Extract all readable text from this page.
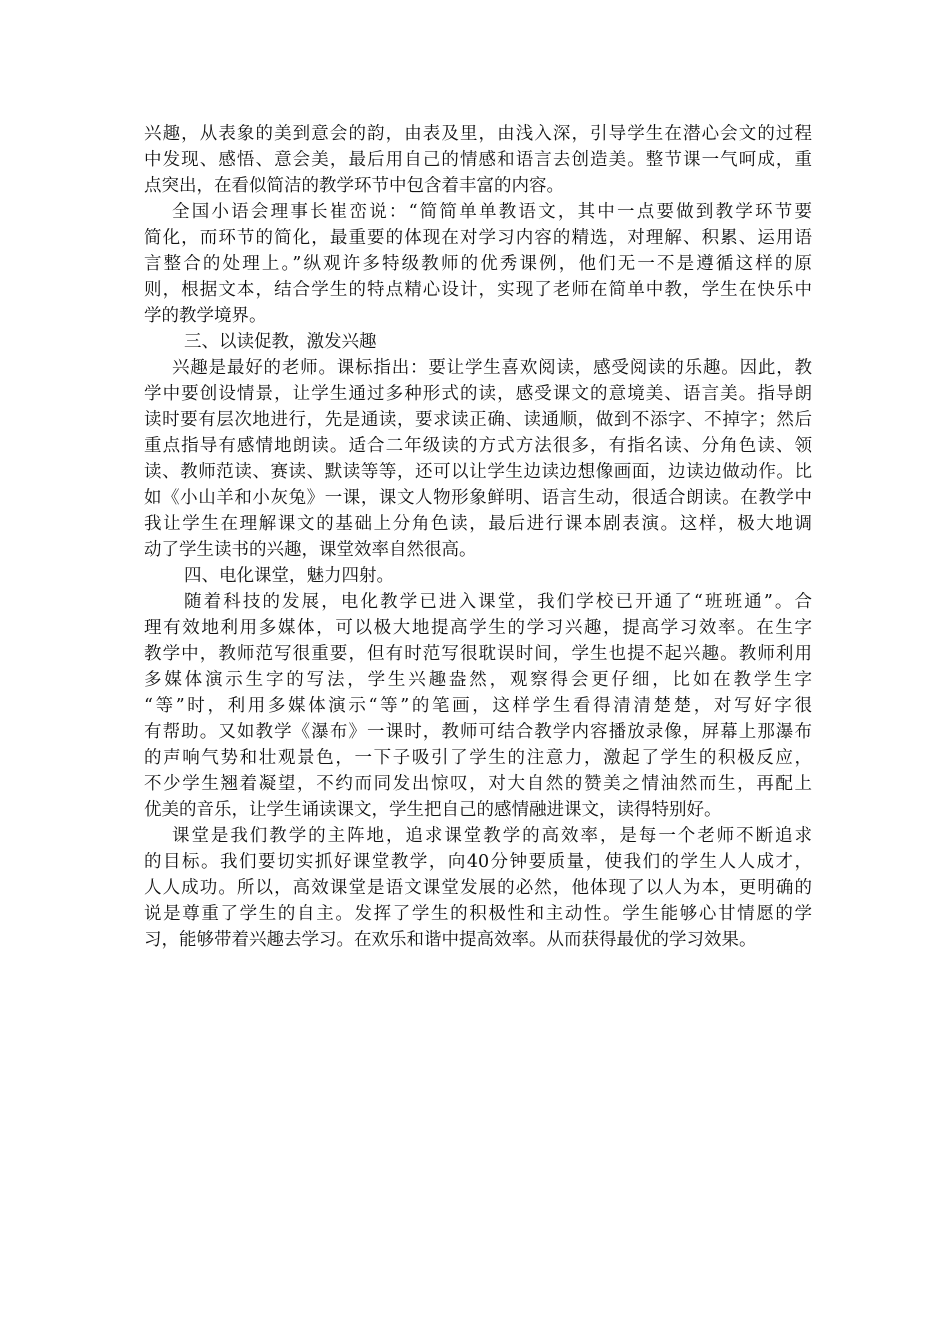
兴趣，从表象的美到意会的韵，由表及里，由浅入深，引导学生在潜心会文的过程
中发现、感悟、意会美，最后用自己的情感和语言去创造美。整节课一气呵成，重
点突出，在看似简洁的教学环节中包含着丰富的内容。
全国小语会理事长崔峦说：“简简单单教语文，其中一点要做到教学环节要
简化，而环节的简化，最重要的体现在对学习内容的精选，对理解、积累、运用语
言整合的处理上。”纵观许多特级教师的优秀课例，他们无一不是遵循这样的原
则，根据文本，结合学生的特点精心设计，实现了老师在简单中教，学生在快乐中
学的教学境界。
三、以读促教，激发兴趣
兴趣是最好的老师。课标指出：要让学生喜欢阅读，感受阅读的乐趣。因此，教
学中要创设情景，让学生通过多种形式的读，感受课文的意境美、语言美。指导朗
读时要有层次地进行，先是通读，要求读正确、读通顺，做到不添字、不掉字；然后
重点指导有感情地朗读。适合二年级读的方式方法很多，有指名读、分角色读、领
读、教师范读、赛读、默读等等，还可以让学生边读边想像画面，边读边做动作。比
如《小山羊和小灰兔》一课，课文人物形象鲜明、语言生动，很适合朗读。在教学中
我让学生在理解课文的基础上分角色读，最后进行课本剧表演。这样，极大地调
动了学生读书的兴趣，课堂效率自然很高。
四、电化课堂，魅力四射。
随着科技的发展，电化教学已进入课堂，我们学校已开通了“班班通”。合
理有效地利用多媒体，可以极大地提高学生的学习兴趣，提高学习效率。在生字
教学中，教师范写很重要，但有时范写很耽误时间，学生也提不起兴趣。教师利用
多媒体演示生字的写法，学生兴趣盎然，观察得会更仔细，比如在教学生字
“等”时，利用多媒体演示“等”的笔画，这样学生看得清清楚楚，对写好字很
有帮助。又如教学《瀑布》一课时，教师可结合教学内容播放录像，屏幕上那瀑布
的声响气势和壮观景色，一下子吸引了学生的注意力，激起了学生的积极反应，
不少学生翘着凝望，不约而同发出惊叹，对大自然的赞美之情油然而生，再配上
优美的音乐，让学生诵读课文，学生把自己的感情融进课文，读得特别好。
课堂是我们教学的主阵地，追求课堂教学的高效率，是每一个老师不断追求
的目标。我们要切实抓好课堂教学，向40分钟要质量，使我们的学生人人成才，
人人成功。所以，高效课堂是语文课堂发展的必然，他体现了以人为本，更明确的
说是尊重了学生的自主。发挥了学生的积极性和主动性。学生能够心甘情愿的学
习，能够带着兴趣去学习。在欢乐和谐中提高效率。从而获得最优的学习效果。
